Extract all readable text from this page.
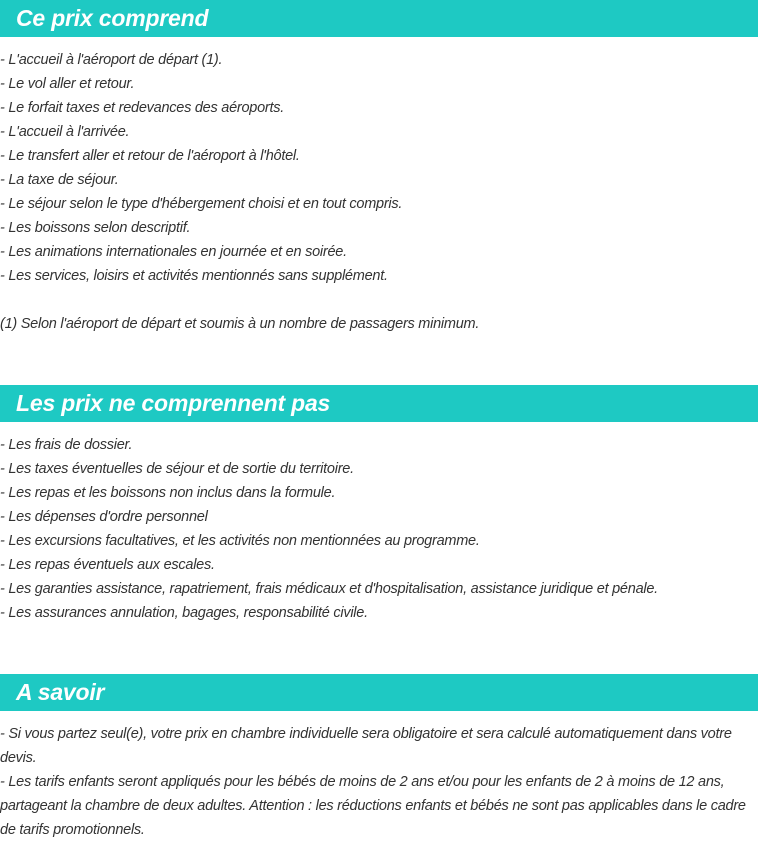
Ce prix comprend

- L'accueil à l'aéroport de départ (1).

- Le vol aller et retour.

- Le forfait taxes et redevances des aéroports.

- L'accueil à l'arrivée.

- Le transfert aller et retour de l'aéroport à l'hôtel.

- La taxe de séjour.

- Le séjour selon le type d'hébergement choisi et en tout compris.

- Les boissons selon descriptif.

- Les animations internationales en journée et en soirée.

- Les services, loisirs et activités mentionnés sans supplément.

(1) Selon l'aéroport de départ et soumis à un nombre de passagers minimum.

Les prix ne comprennent pas

- Les frais de dossier.

- Les taxes éventuelles de séjour et de sortie du territoire.

- Les repas et les boissons non inclus dans la formule.

- Les dépenses d'ordre personnel

- Les excursions facultatives, et les activités non mentionnées au programme.

- Les repas éventuels aux escales.

- Les garanties assistance, rapatriement, frais médicaux et d'hospitalisation, assistance juridique et pénale.

- Les assurances annulation, bagages, responsabilité civile.

A savoir

- Si vous partez seul(e), votre prix en chambre individuelle sera obligatoire et sera calculé automatiquement dans votre devis.

- Les tarifs enfants seront appliqués pour les bébés de moins de 2 ans et/ou pour les enfants de 2 à moins de 12 ans, partageant la chambre de deux adultes. Attention : les réductions enfants et bébés ne sont pas applicables dans le cadre de tarifs promotionnels.
